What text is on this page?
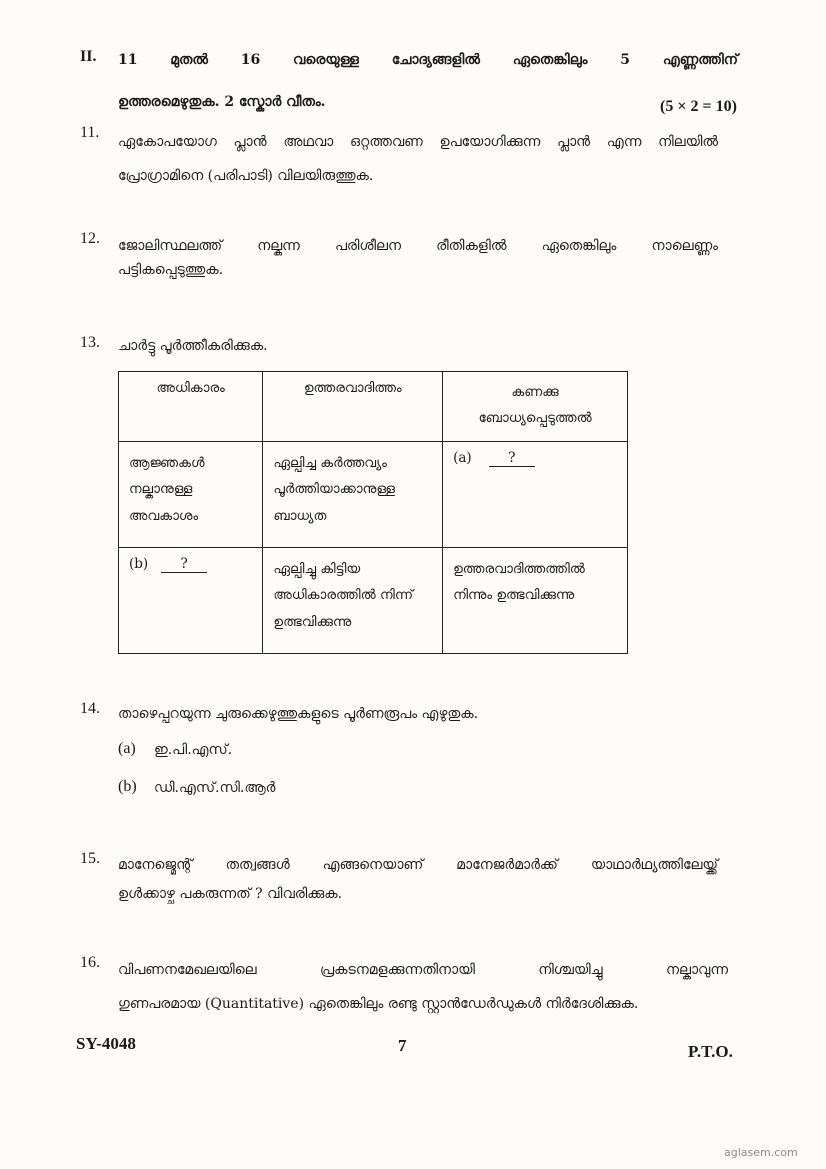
II. 11 മുതൽ 16 വരെയുള്ള ചോദ്യങ്ങളിൽ ഏതെങ്കിലും 5 എണ്ണത്തിന്
ഉത്തരമെഴുതുക. 2 സ്കോർ വീതം.	(5 × 2 = 10)
11.
ഏകോപയോഗ പ്ലാൻ അഥവാ ഒറ്റത്തവണ ഉപയോഗിക്കുന്ന പ്ലാൻ എന്ന നിലയിൽ
പ്രോഗ്രാമിനെ (പരിപാടി) വിലയിരുത്തുക.
12. ജോലിസ്ഥലത്ത് നല്കുന്ന പരിശീലന രീതികളിൽ ഏതെങ്കിലും നാലെണ്ണം
പട്ടികപ്പെടുത്തുക.
13. ചാർട്ടു പൂർത്തീകരിക്കുക.
അധികാരം	ഉത്തരവാദിത്തം	കണക്കു ബോധ്യപ്പെടുത്തൽ
ആജ്ഞകൾ നല്കാനുള്ള അവകാശം	ഏല്പിച്ച കർത്തവ്യം പൂർത്തിയാക്കാനുള്ള ബാധ്യത	(a) ?
(b) ?	ഏല്പിച്ചു കിട്ടിയ അധികാരത്തിൽ നിന്ന് ഉത്ഭവിക്കുന്നു	ഉത്തരവാദിത്തത്തിൽ നിന്നും ഉത്ഭവിക്കുന്നു
14. താഴെപ്പറയുന്ന ചുരുക്കെഴുത്തുകളുടെ പൂർണരൂപം എഴുതുക.
(a) ഇ.പി.എസ്.
(b) ഡി.എസ്.സി.ആർ
15. മാനേജ്മെന്റ് തത്വങ്ങൾ എങ്ങനെയാണ് മാനേജർമാർക്ക് യാഥാർഥ്യത്തിലേയ്ക്ക്
ഉൾക്കാഴ്ച പകരുന്നത് ? വിവരിക്കുക.
16. വിപണനമേഖലയിലെ പ്രകടനമളക്കുന്നതിനായി നിശ്ചയിച്ചു നല്കാവുന്ന
ഗുണപരമായ (Quantitative) ഏതെങ്കിലും രണ്ടു സ്റ്റാൻഡേർഡുകൾ നിർദേശിക്കുക.
SY-4048	7	P.T.O.
aglasem.com
